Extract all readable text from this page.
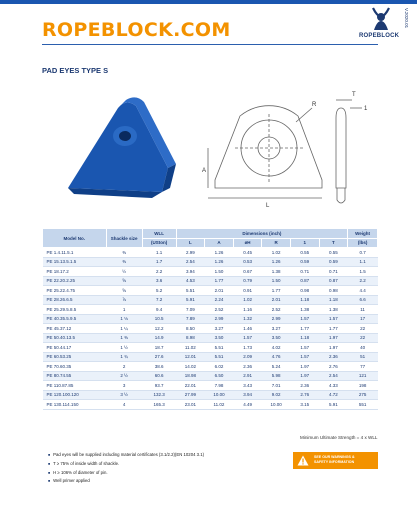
ROPEBLOCK.COM	ROPEBLOCK
V.2020.01
PAD EYES TYPE S
T
1
R
A
L
Model No.	Shackle size	WLL	Dimensions (inch)						Weight
		(USton)	L	A	øH	R	1	T	(lbs)
PE 1.4.11.5.1	⅜	1.1	2.99	1.26	0.45	1.02	0.55	0.55	0.7
PE 15.13.5.1.5	⅜	1.7	2.54	1.26	0.53	1.26	0.59	0.59	1.1
PE 18.17.2	½	2.2	3.94	1.50	0.67	1.38	0.71	0.71	1.5
PE 22.20.2.25	⅝	3.6	4.53	1.77	0.79	1.50	0.87	0.87	2.2
PE 25.22.4.75	⅝	5.2	5.51	2.01	0.91	1.77	0.98	0.98	4.4
PE 28.26.6.5	⅞	7.2	5.91	2.24	1.02	2.01	1.18	1.18	6.6
PE 25.29.5.8.5	1	9.4	7.09	2.52	1.16	2.52	1.38	1.38	11
PE 40.35.5.9.5	1 ⅛	10.5	7.89	2.99	1.32	2.99	1.57	1.57	17
PE 45.37.12	1 ¼	12.2	8.50	3.27	1.46	3.27	1.77	1.77	22
PE 50.40.13.5	1 ⅜	14.9	8.98	3.50	1.57	3.50	1.18	1.97	22
PE 50.44.17	1 ½	18.7	11.02	5.51	1.73	4.02	1.57	1.97	40
PE 60.53.25	1 ¾	27.6	12.01	5.51	2.09	4.76	1.57	2.36	51
PE 70.60.35	2	38.6	14.02	6.02	2.36	5.24	1.97	2.76	77
PE 80.74.55	2 ½	60.6	18.98	6.50	2.91	5.98	1.97	2.54	121
PE 110.87.85	3	93.7	22.01	7.98	3.43	7.01	2.36	4.33	198
PE 120.100.120	3 ½	132.3	27.99	10.00	3.94	9.02	2.76	4.72	275
PE 130.114.150	4	165.3	23.01	11.02	4.49	10.00	3.15	5.91	551
Minimum Ultimate Strength = 4 x WLL
■ Pad eyes will be supplied including material certificates (3.1/2.2)(EN 10204 3.1)
■ T ≥ 75% of inside width of shackle.
■ H ≥ 106% of diameter of pin.
■ Well primer applied
SEE OUR WARNINGS &
SAFETY INFORMATION
